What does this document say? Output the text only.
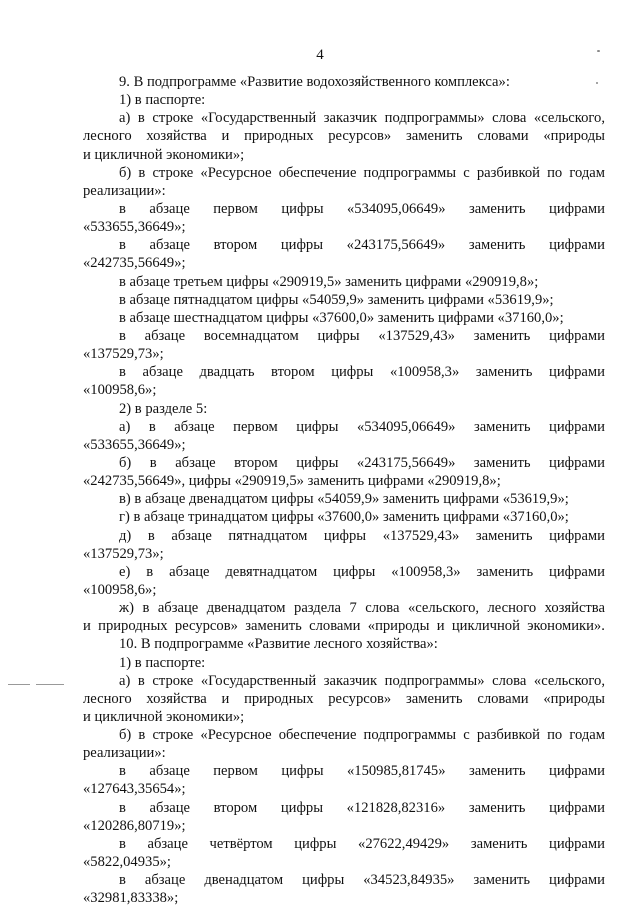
4
9. В подпрограмме «Развитие водохозяйственного комплекса»:
1) в паспорте:
а) в строке «Государственный заказчик подпрограммы» слова «сельского,
лесного хозяйства и природных ресурсов» заменить словами «природы
и цикличной экономики»;
б) в строке «Ресурсное обеспечение подпрограммы с разбивкой по годам
реализации»:
в абзаце первом цифры «534095,06649» заменить цифрами
«533655,36649»;
в абзаце втором цифры «243175,56649» заменить цифрами
«242735,56649»;
в абзаце третьем цифры «290919,5» заменить цифрами «290919,8»;
в абзаце пятнадцатом цифры «54059,9» заменить цифрами «53619,9»;
в абзаце шестнадцатом цифры «37600,0» заменить цифрами «37160,0»;
в абзаце восемнадцатом цифры «137529,43» заменить цифрами
«137529,73»;
в абзаце двадцать втором цифры «100958,3» заменить цифрами
«100958,6»;
2) в разделе 5:
а) в абзаце первом цифры «534095,06649» заменить цифрами
«533655,36649»;
б) в абзаце втором цифры «243175,56649» заменить цифрами
«242735,56649», цифры «290919,5» заменить цифрами «290919,8»;
в) в абзаце двенадцатом цифры «54059,9» заменить цифрами «53619,9»;
г) в абзаце тринадцатом цифры «37600,0» заменить цифрами «37160,0»;
д) в абзаце пятнадцатом цифры «137529,43» заменить цифрами
«137529,73»;
е) в абзаце девятнадцатом цифры «100958,3» заменить цифрами
«100958,6»;
ж) в абзаце двенадцатом раздела 7 слова «сельского, лесного хозяйства
и природных ресурсов» заменить словами «природы и цикличной экономики».
10. В подпрограмме «Развитие лесного хозяйства»:
1) в паспорте:
а) в строке «Государственный заказчик подпрограммы» слова «сельского,
лесного хозяйства и природных ресурсов» заменить словами «природы
и цикличной экономики»;
б) в строке «Ресурсное обеспечение подпрограммы с разбивкой по годам
реализации»:
в абзаце первом цифры «150985,81745» заменить цифрами
«127643,35654»;
в абзаце втором цифры «121828,82316» заменить цифрами
«120286,80719»;
в абзаце четвёртом цифры «27622,49429» заменить цифрами
«5822,04935»;
в абзаце двенадцатом цифры «34523,84935» заменить цифрами
«32981,83338»;
